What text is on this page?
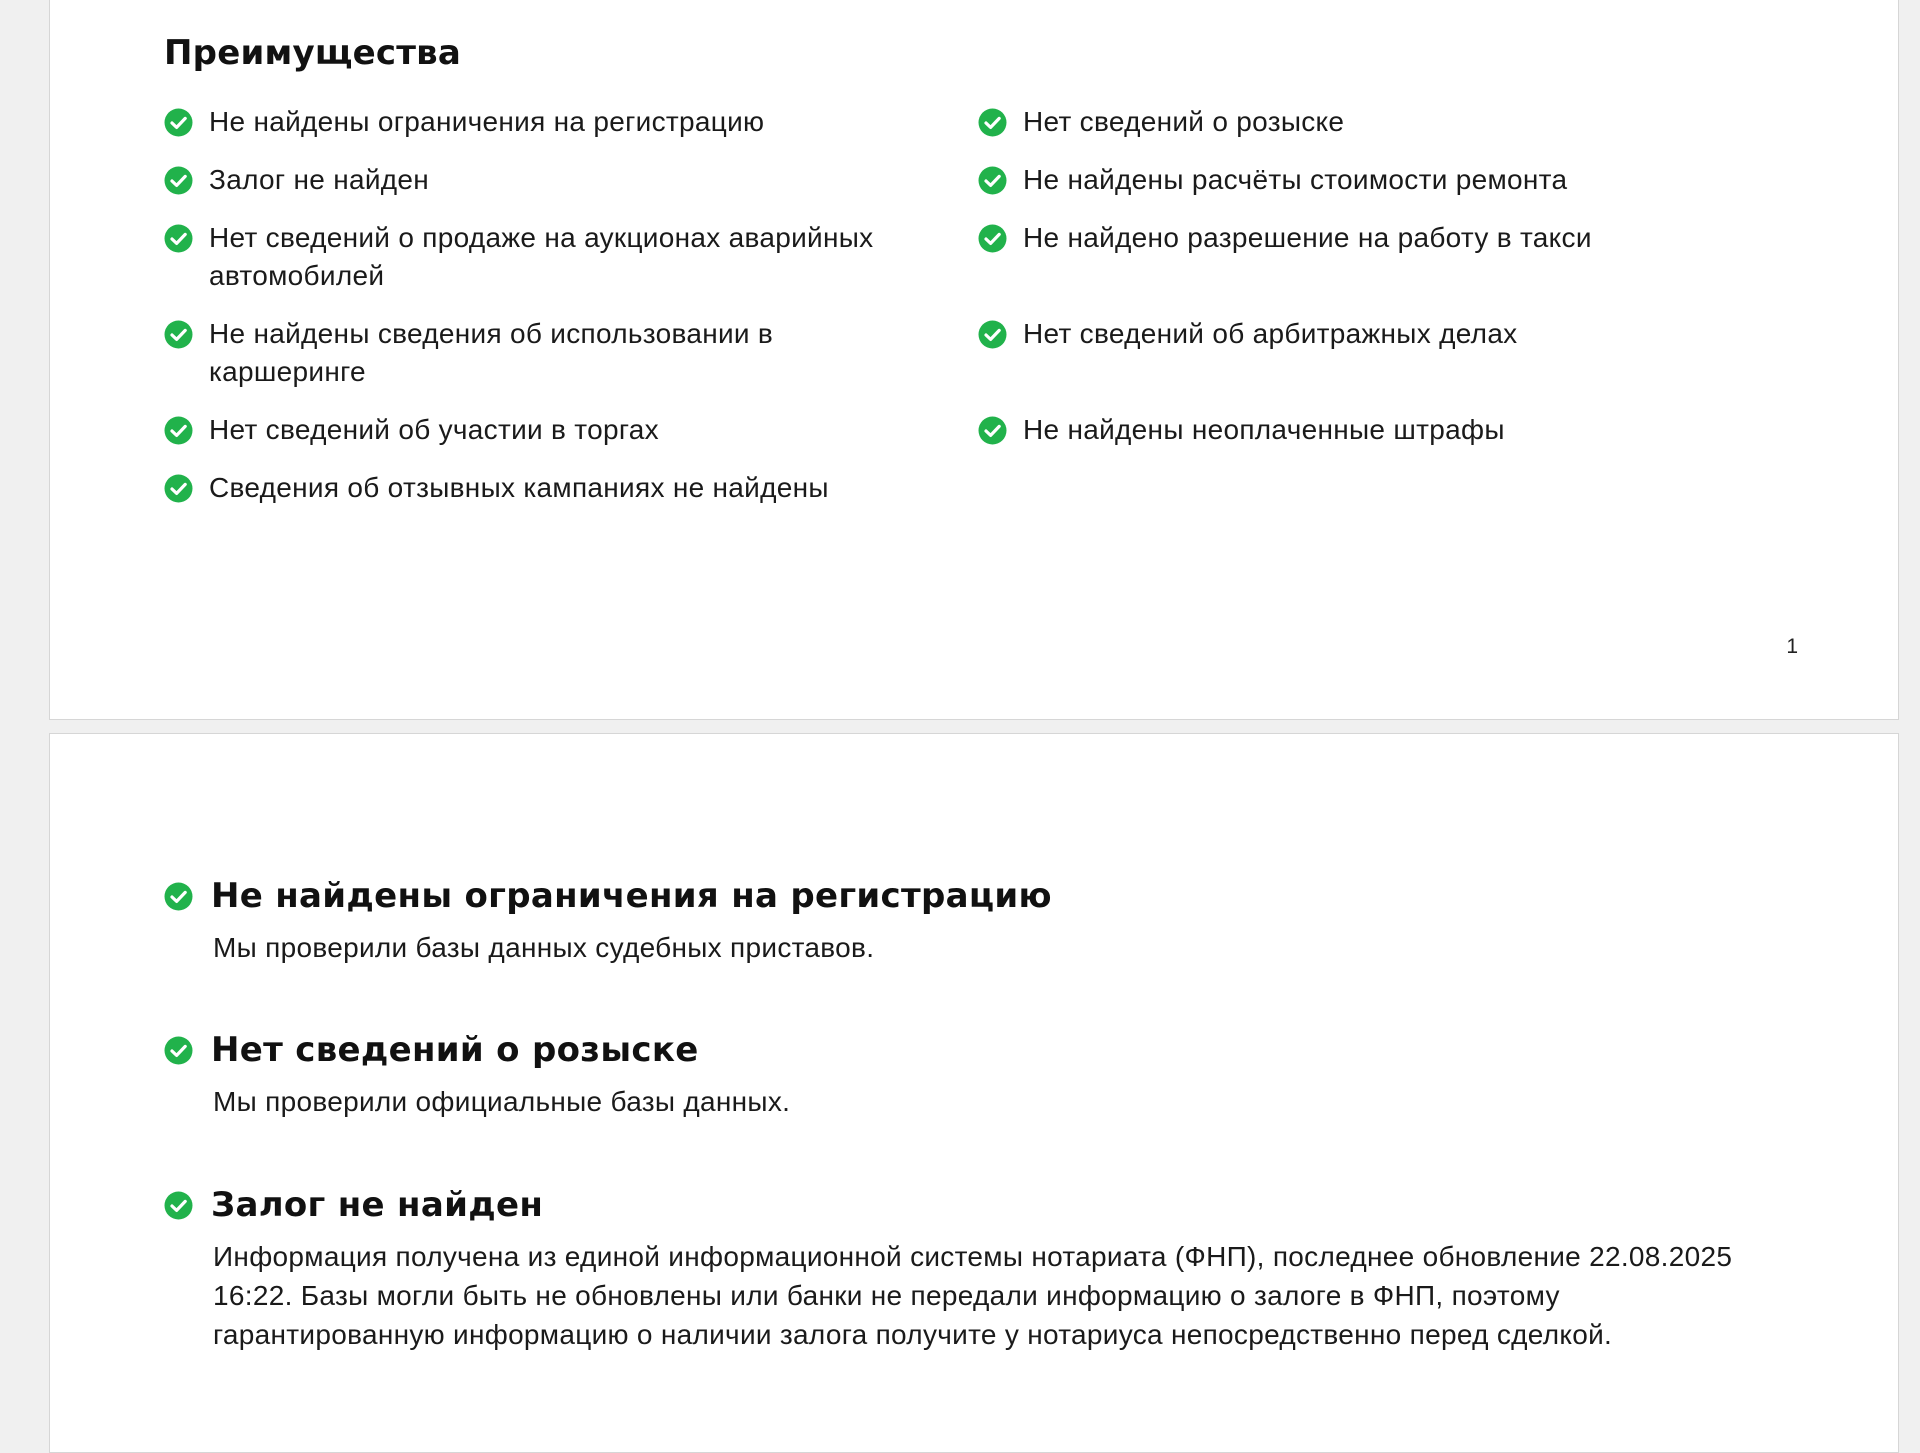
Преимущества
Не найдены ограничения на регистрацию
Залог не найден
Нет сведений о продаже на аукционах аварийных автомобилей
Не найдены сведения об использовании в каршеринге
Нет сведений об участии в торгах
Сведения об отзывных кампаниях не найдены
Нет сведений о розыске
Не найдены расчёты стоимости ремонта
Не найдено разрешение на работу в такси
Нет сведений об арбитражных делах
Не найдены неоплаченные штрафы
1
Не найдены ограничения на регистрацию

Мы проверили базы данных судебных приставов.

Нет сведений о розыске

Мы проверили официальные базы данных.

Залог не найден

Информация получена из единой информационной системы нотариата (ФНП), последнее обновление 22.08.2025 16:22. Базы могли быть не обновлены или банки не передали информацию о залоге в ФНП, поэтому гарантированную информацию о наличии залога получите у нотариуса непосредственно перед сделкой.
